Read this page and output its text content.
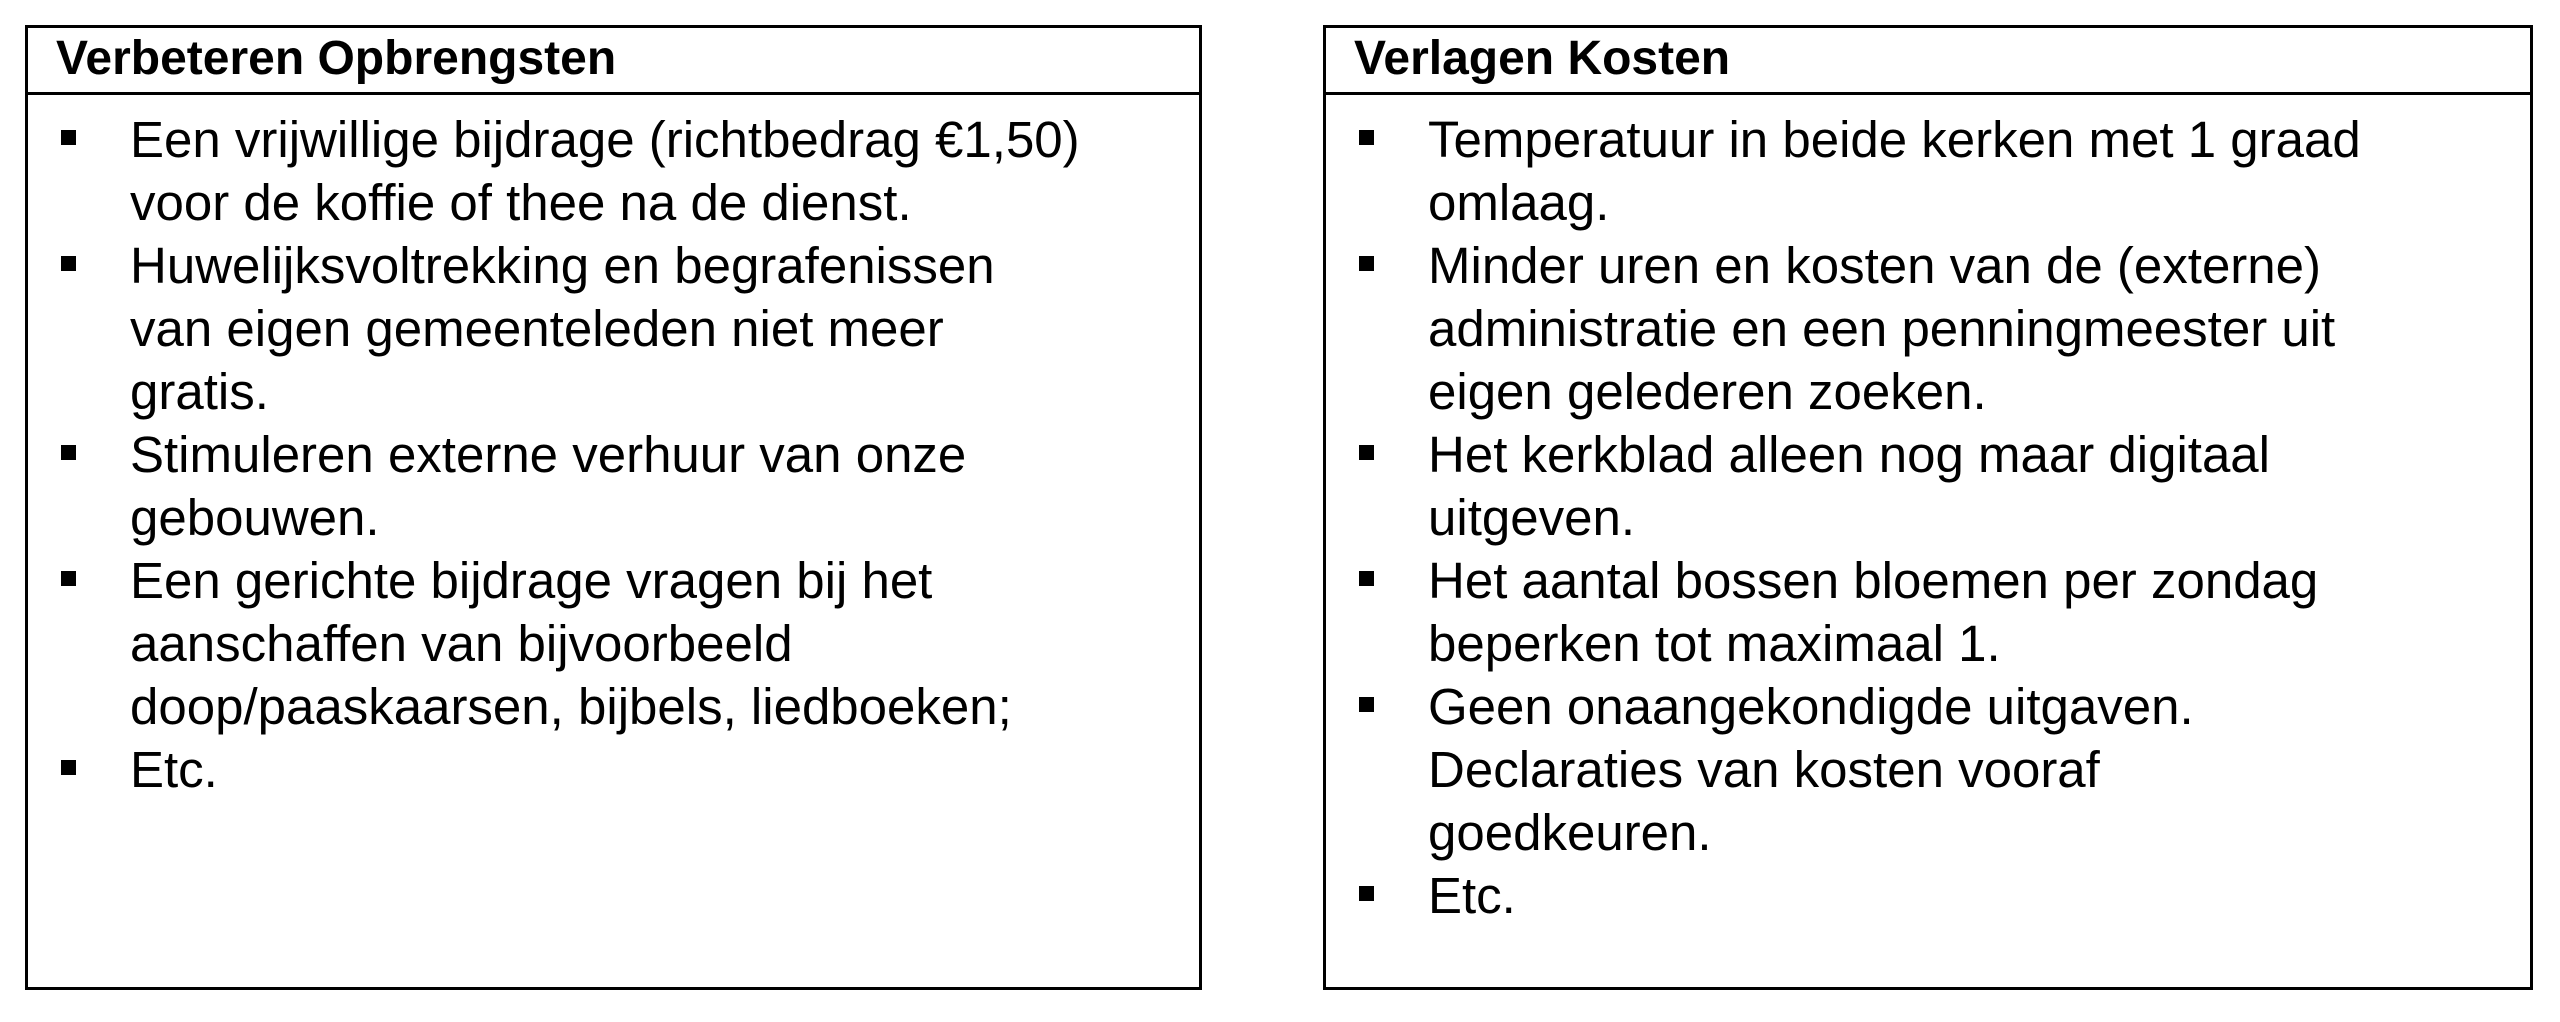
Verbeteren Opbrengsten
Een vrijwillige bijdrage (richtbedrag €1,50)
voor de koffie of thee na de dienst.
Huwelijksvoltrekking en begrafenissen
van eigen gemeenteleden niet meer
gratis.
Stimuleren externe verhuur van onze
gebouwen.
Een gerichte bijdrage vragen bij het
aanschaffen van bijvoorbeeld
doop/paaskaarsen, bijbels, liedboeken;
Etc.
Verlagen Kosten
Temperatuur in beide kerken met 1 graad
omlaag.
Minder uren en kosten van de (externe)
administratie en een penningmeester uit
eigen gelederen zoeken.
Het kerkblad alleen nog maar digitaal
uitgeven.
Het aantal bossen bloemen per zondag
beperken tot maximaal 1.
Geen onaangekondigde uitgaven.
Declaraties van kosten vooraf
goedkeuren.
Etc.
